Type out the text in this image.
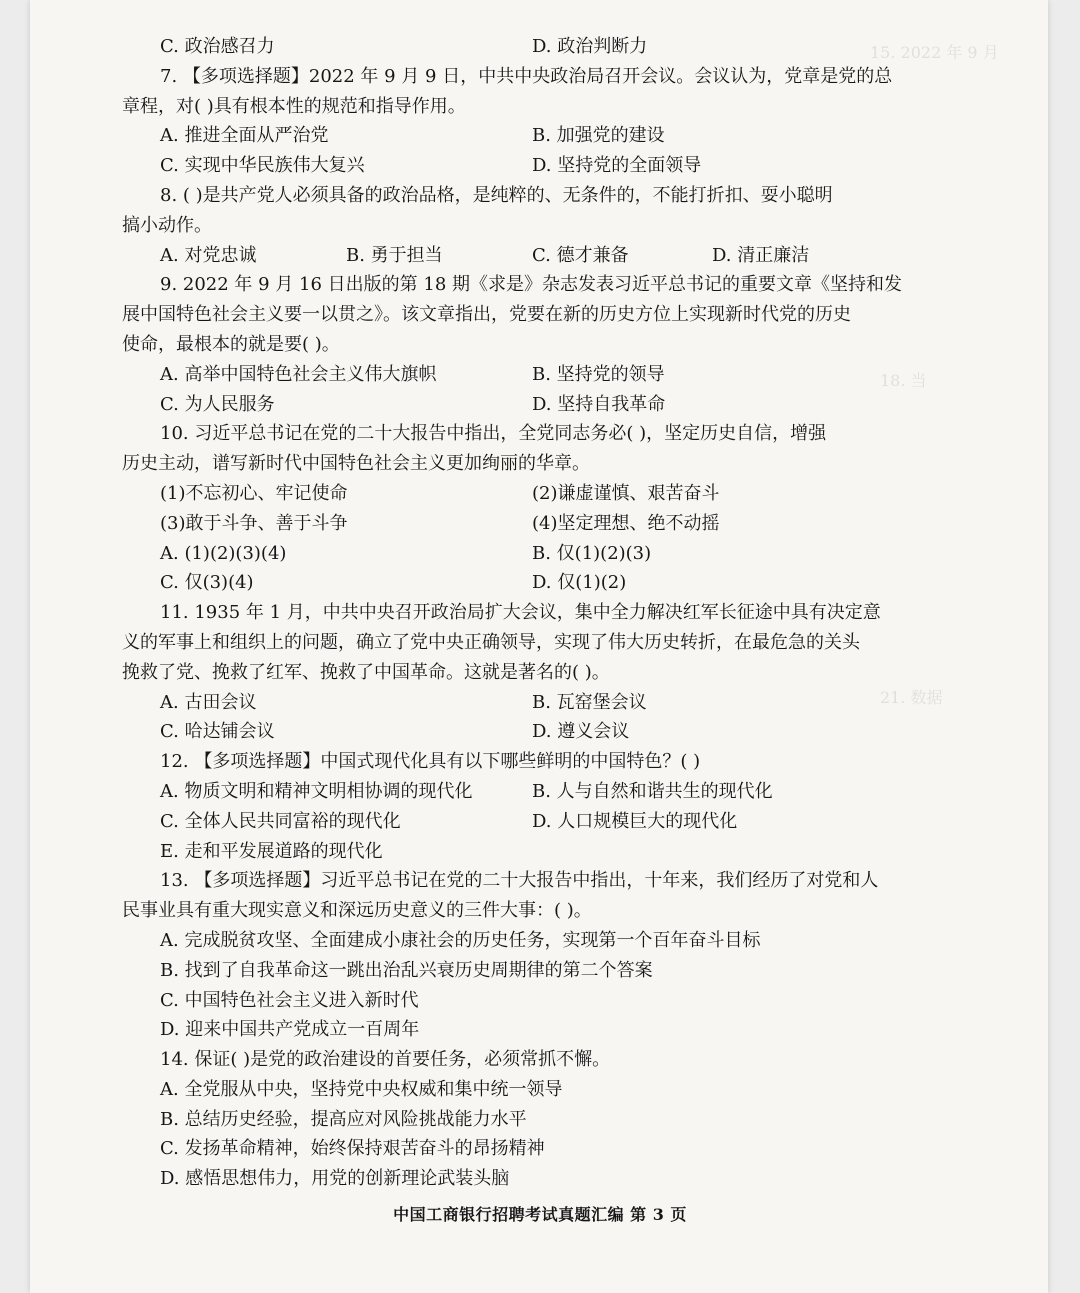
15. 2022 年 9 月
18. 当
21. 数据
C. 政治感召力	D. 政治判断力
7. 【多项选择题】2022 年 9 月 9 日，中共中央政治局召开会议。会议认为，党章是党的总
章程，对( )具有根本性的规范和指导作用。
A. 推进全面从严治党	B. 加强党的建设
C. 实现中华民族伟大复兴	D. 坚持党的全面领导
8. ( )是共产党人必须具备的政治品格，是纯粹的、无条件的，不能打折扣、耍小聪明
搞小动作。
A. 对党忠诚	B. 勇于担当	C. 德才兼备	D. 清正廉洁
9. 2022 年 9 月 16 日出版的第 18 期《求是》杂志发表习近平总书记的重要文章《坚持和发
展中国特色社会主义要一以贯之》。该文章指出，党要在新的历史方位上实现新时代党的历史
使命，最根本的就是要( )。
A. 高举中国特色社会主义伟大旗帜	B. 坚持党的领导
C. 为人民服务	D. 坚持自我革命
10. 习近平总书记在党的二十大报告中指出，全党同志务必( )，坚定历史自信，增强
历史主动，谱写新时代中国特色社会主义更加绚丽的华章。
(1)不忘初心、牢记使命	(2)谦虚谨慎、艰苦奋斗
(3)敢于斗争、善于斗争	(4)坚定理想、绝不动摇
A. (1)(2)(3)(4)	B. 仅(1)(2)(3)
C. 仅(3)(4)	D. 仅(1)(2)
11. 1935 年 1 月，中共中央召开政治局扩大会议，集中全力解决红军长征途中具有决定意
义的军事上和组织上的问题，确立了党中央正确领导，实现了伟大历史转折，在最危急的关头
挽救了党、挽救了红军、挽救了中国革命。这就是著名的( )。
A. 古田会议	B. 瓦窑堡会议
C. 哈达铺会议	D. 遵义会议
12. 【多项选择题】中国式现代化具有以下哪些鲜明的中国特色？( )
A. 物质文明和精神文明相协调的现代化	B. 人与自然和谐共生的现代化
C. 全体人民共同富裕的现代化	D. 人口规模巨大的现代化
E. 走和平发展道路的现代化
13. 【多项选择题】习近平总书记在党的二十大报告中指出，十年来，我们经历了对党和人
民事业具有重大现实意义和深远历史意义的三件大事：( )。
A. 完成脱贫攻坚、全面建成小康社会的历史任务，实现第一个百年奋斗目标
B. 找到了自我革命这一跳出治乱兴衰历史周期律的第二个答案
C. 中国特色社会主义进入新时代
D. 迎来中国共产党成立一百周年
14. 保证( )是党的政治建设的首要任务，必须常抓不懈。
A. 全党服从中央，坚持党中央权威和集中统一领导
B. 总结历史经验，提高应对风险挑战能力水平
C. 发扬革命精神，始终保持艰苦奋斗的昂扬精神
D. 感悟思想伟力，用党的创新理论武装头脑
中国工商银行招聘考试真题汇编 第 3 页
